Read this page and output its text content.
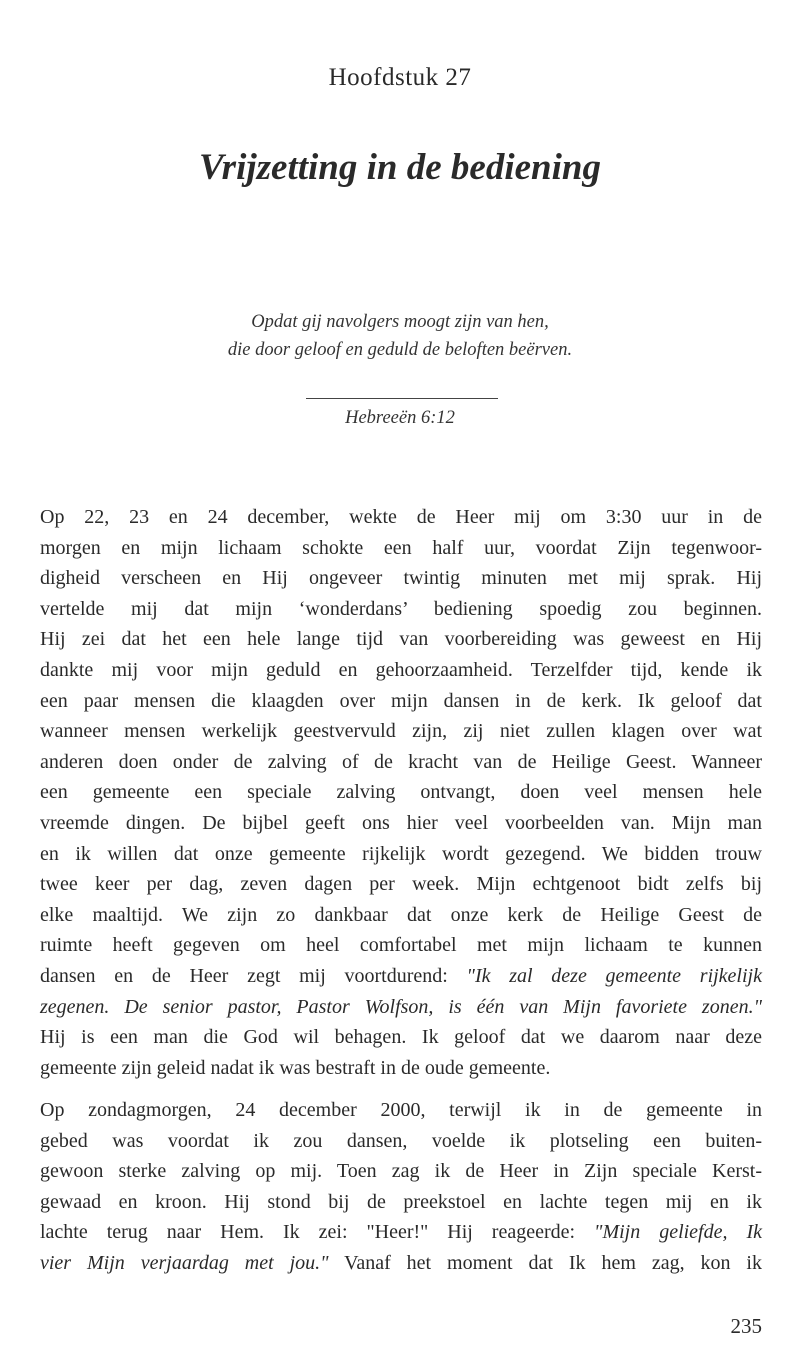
Hoofdstuk 27
Vrijzetting in de bediening
Opdat gij navolgers moogt zijn van hen,
die door geloof en geduld de beloften beërven.
Hebreeën 6:12
Op 22, 23 en 24 december, wekte de Heer mij om 3:30 uur in de
morgen en mijn lichaam schokte een half uur, voordat Zijn tegenwoor-
digheid verscheen en Hij ongeveer twintig minuten met mij sprak. Hij
vertelde mij dat mijn ‘wonderdans’ bediening spoedig zou beginnen.
Hij zei dat het een hele lange tijd van voorbereiding was geweest en Hij
dankte mij voor mijn geduld en gehoorzaamheid. Terzelfder tijd, kende ik
een paar mensen die klaagden over mijn dansen in de kerk. Ik geloof dat
wanneer mensen werkelijk geestvervuld zijn, zij niet zullen klagen over wat
anderen doen onder de zalving of de kracht van de Heilige Geest. Wanneer
een gemeente een speciale zalving ontvangt, doen veel mensen hele
vreemde dingen. De bijbel geeft ons hier veel voorbeelden van. Mijn man
en ik willen dat onze gemeente rijkelijk wordt gezegend. We bidden trouw
twee keer per dag, zeven dagen per week. Mijn echtgenoot bidt zelfs bij
elke maaltijd. We zijn zo dankbaar dat onze kerk de Heilige Geest de
ruimte heeft gegeven om heel comfortabel met mijn lichaam te kunnen
dansen en de Heer zegt mij voortdurend: "Ik zal deze gemeente rijkelijk
zegenen. De senior pastor, Pastor Wolfson, is één van Mijn favoriete zonen."
Hij is een man die God wil behagen. Ik geloof dat we daarom naar deze
gemeente zijn geleid nadat ik was bestraft in de oude gemeente.
Op zondagmorgen, 24 december 2000, terwijl ik in de gemeente in
gebed was voordat ik zou dansen, voelde ik plotseling een buiten-
gewoon sterke zalving op mij. Toen zag ik de Heer in Zijn speciale Kerst-
gewaad en kroon. Hij stond bij de preekstoel en lachte tegen mij en ik
lachte terug naar Hem. Ik zei: "Heer!" Hij reageerde: "Mijn geliefde, Ik
vier Mijn verjaardag met jou." Vanaf het moment dat Ik hem zag, kon ik
235
